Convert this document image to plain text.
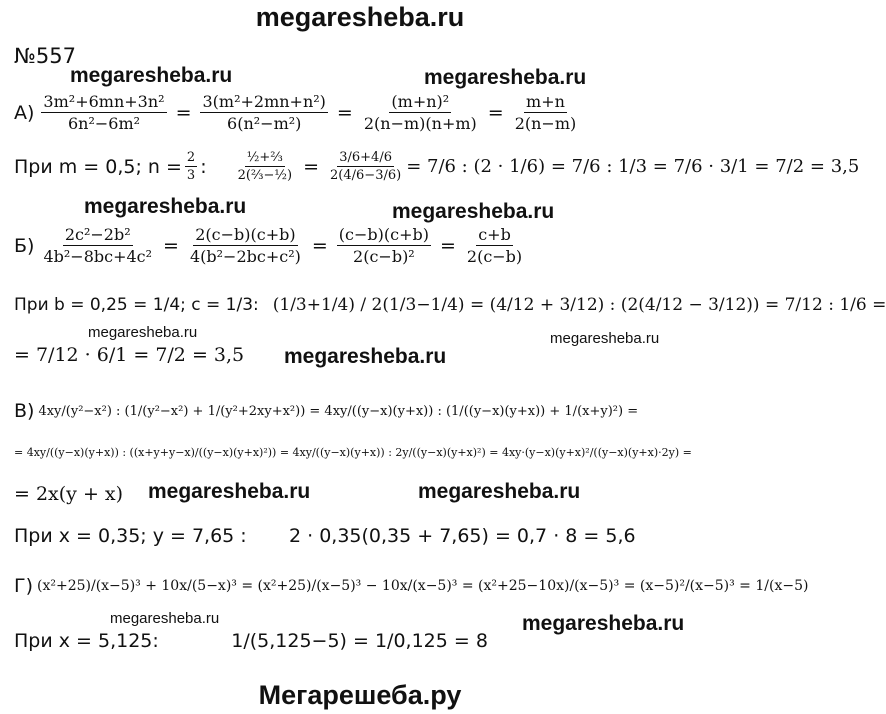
megaresheba.ru
№557
megaresheba.ru	megaresheba.ru
megaresheba.ru	megaresheba.ru
megaresheba.ru	megaresheba.ru
megaresheba.ru
megaresheba.ru	megaresheba.ru
megaresheba.ru	megaresheba.ru
$А) \frac{\text{3m²+6mn+3n²}}{\text{6n²−6m²}} = \frac{\text{3(m²+2mn+n²)}}{\text{6(n²−m²)}} = \frac{\text{(m+n)²}}{2(n-m)(n+m)} = \frac{m+n}{2(n-m)}$
При m = 0,5; $n = \frac{2}{3}$ : $\frac{\text{½+⅔}}{\text{2(⅔−½)}} = \frac{3/6+4/6}{2(4/6-3/6)} = 7/6$ : (2 · 1/6) = 7/6 : 1/3 = 7/6 · 3/1 = 7/2 = 3,5
$Б) \frac{\text{2c²−2b²}}{\text{4b²−8bc+4c²}} = \frac{2(c-b)(c+b)}{\text{4(b²−2bc+c²)}} = \frac{(c-b)(c+b)}{\text{2(c−b)²}} = \frac{c+b}{2(c-b)}$
При b = 0,25 = 1/4; c = 1/3: (1/3+1/4) / 2(1/3−1/4) = (4/12 + 3/12) : (2(4/12 − 3/12)) = 7/12 : 1/6 =
= 7/12 · 6/1 = 7/2 = 3,5
В) 4xy/(y²−x²) : (1/(y²−x²) + 1/(y²+2xy+x²)) = 4xy/((y−x)(y+x)) : (1/((y−x)(y+x)) + 1/(x+y)²) =
= 4xy/((y−x)(y+x)) : ((x+y+y−x)/((y−x)(y+x)²)) = 4xy/((y−x)(y+x)) : 2y/((y−x)(y+x)²) = 4xy·(y−x)(y+x)²/((y−x)(y+x)·2y) =
= 2x(y + x)
При x = 0,35; y = 7,65 :       2 · 0,35(0,35 + 7,65) = 0,7 · 8 = 5,6
Г) (x²+25)/(x−5)³ + 10x/(5−x)³ = (x²+25)/(x−5)³ − 10x/(x−5)³ = (x²+25−10x)/(x−5)³ = (x−5)²/(x−5)³ = 1/(x−5)
При x = 5,125:            1/(5,125−5) = 1/0,125 = 8
Мегарешеба.ру
